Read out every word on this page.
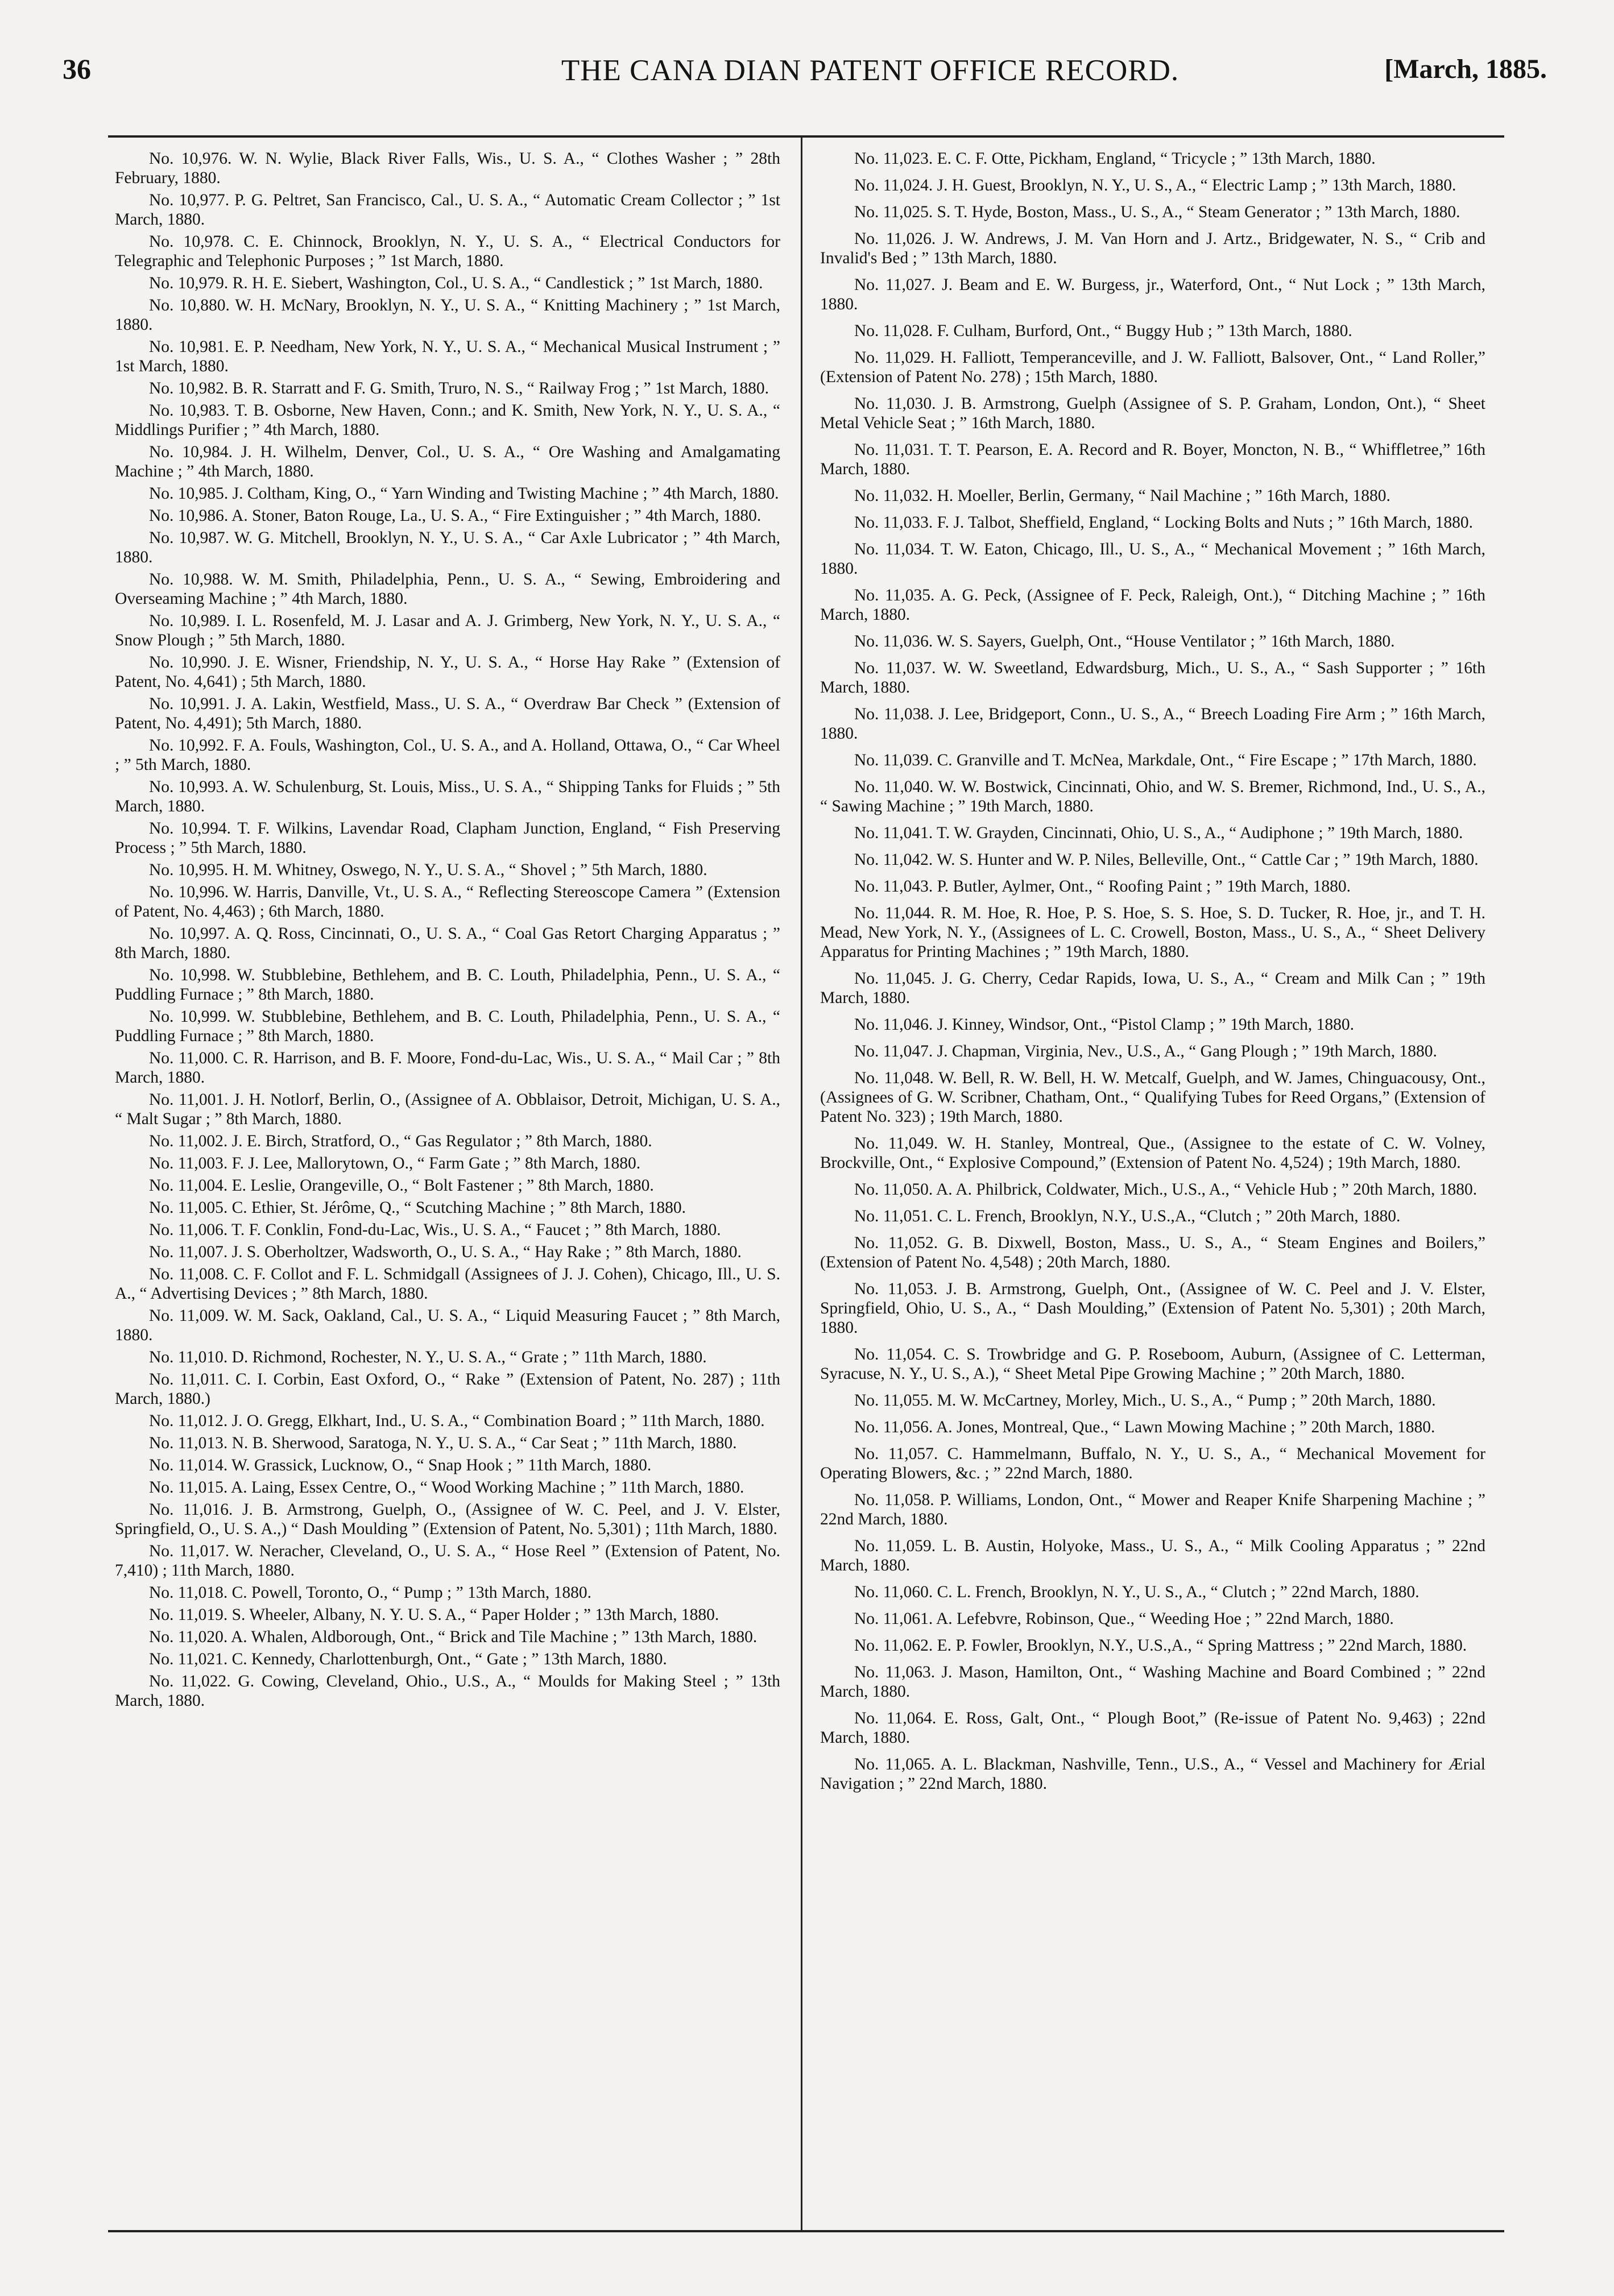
36	THE CANA DIAN PATENT OFFICE RECORD.	[March, 1885.

No. 10,976. W. N. Wylie, Black River Falls, Wis., U. S. A., “ Clothes Washer ; ” 28th February, 1880.

No. 10,977. P. G. Peltret, San Francisco, Cal., U. S. A., “ Automatic Cream Collector ; ” 1st March, 1880.

No. 10,978. C. E. Chinnock, Brooklyn, N. Y., U. S. A., “ Electrical Conductors for Telegraphic and Telephonic Purposes ; ” 1st March, 1880.

No. 10,979. R. H. E. Siebert, Washington, Col., U. S. A., “ Candlestick ; ” 1st March, 1880.

No. 10,880. W. H. McNary, Brooklyn, N. Y., U. S. A., “ Knitting Machinery ; ” 1st March, 1880.

No. 10,981. E. P. Needham, New York, N. Y., U. S. A., “ Mechanical Musical Instrument ; ” 1st March, 1880.

No. 10,982. B. R. Starratt and F. G. Smith, Truro, N. S., “ Railway Frog ; ” 1st March, 1880.

No. 10,983. T. B. Osborne, New Haven, Conn.; and K. Smith, New York, N. Y., U. S. A., “ Middlings Purifier ; ” 4th March, 1880.

No. 10,984. J. H. Wilhelm, Denver, Col., U. S. A., “ Ore Washing and Amalgamating Machine ; ” 4th March, 1880.

No. 10,985. J. Coltham, King, O., “ Yarn Winding and Twisting Machine ; ” 4th March, 1880.

No. 10,986. A. Stoner, Baton Rouge, La., U. S. A., “ Fire Extinguisher ; ” 4th March, 1880.

No. 10,987. W. G. Mitchell, Brooklyn, N. Y., U. S. A., “ Car Axle Lubricator ; ” 4th March, 1880.

No. 10,988. W. M. Smith, Philadelphia, Penn., U. S. A., “ Sewing, Embroidering and Overseaming Machine ; ” 4th March, 1880.

No. 10,989. I. L. Rosenfeld, M. J. Lasar and A. J. Grimberg, New York, N. Y., U. S. A., “ Snow Plough ; ” 5th March, 1880.

No. 10,990. J. E. Wisner, Friendship, N. Y., U. S. A., “ Horse Hay Rake ” (Extension of Patent, No. 4,641) ; 5th March, 1880.

No. 10,991. J. A. Lakin, Westfield, Mass., U. S. A., “ Overdraw Bar Check ” (Extension of Patent, No. 4,491); 5th March, 1880.

No. 10,992. F. A. Fouls, Washington, Col., U. S. A., and A. Holland, Ottawa, O., “ Car Wheel ; ” 5th March, 1880.

No. 10,993. A. W. Schulenburg, St. Louis, Miss., U. S. A., “ Shipping Tanks for Fluids ; ” 5th March, 1880.

No. 10,994. T. F. Wilkins, Lavendar Road, Clapham Junction, England, “ Fish Preserving Process ; ” 5th March, 1880.

No. 10,995. H. M. Whitney, Oswego, N. Y., U. S. A., “ Shovel ; ” 5th March, 1880.

No. 10,996. W. Harris, Danville, Vt., U. S. A., “ Reflecting Stereoscope Camera ” (Extension of Patent, No. 4,463) ; 6th March, 1880.

No. 10,997. A. Q. Ross, Cincinnati, O., U. S. A., “ Coal Gas Retort Charging Apparatus ; ” 8th March, 1880.

No. 10,998. W. Stubblebine, Bethlehem, and B. C. Louth, Philadelphia, Penn., U. S. A., “ Puddling Furnace ; ” 8th March, 1880.

No. 10,999. W. Stubblebine, Bethlehem, and B. C. Louth, Philadelphia, Penn., U. S. A., “ Puddling Furnace ; ” 8th March, 1880.

No. 11,000. C. R. Harrison, and B. F. Moore, Fond-du-Lac, Wis., U. S. A., “ Mail Car ; ” 8th March, 1880.

No. 11,001. J. H. Notlorf, Berlin, O., (Assignee of A. Obblaisor, Detroit, Michigan, U. S. A., “ Malt Sugar ; ” 8th March, 1880.

No. 11,002. J. E. Birch, Stratford, O., “ Gas Regulator ; ” 8th March, 1880.

No. 11,003. F. J. Lee, Mallorytown, O., “ Farm Gate ; ” 8th March, 1880.

No. 11,004. E. Leslie, Orangeville, O., “ Bolt Fastener ; ” 8th March, 1880.

No. 11,005. C. Ethier, St. Jérôme, Q., “ Scutching Machine ; ” 8th March, 1880.

No. 11,006. T. F. Conklin, Fond-du-Lac, Wis., U. S. A., “ Faucet ; ” 8th March, 1880.

No. 11,007. J. S. Oberholtzer, Wadsworth, O., U. S. A., “ Hay Rake ; ” 8th March, 1880.

No. 11,008. C. F. Collot and F. L. Schmidgall (Assignees of J. J. Cohen), Chicago, Ill., U. S. A., “ Advertising Devices ; ” 8th March, 1880.

No. 11,009. W. M. Sack, Oakland, Cal., U. S. A., “ Liquid Measuring Faucet ; ” 8th March, 1880.

No. 11,010. D. Richmond, Rochester, N. Y., U. S. A., “ Grate ; ” 11th March, 1880.

No. 11,011. C. I. Corbin, East Oxford, O., “ Rake ” (Extension of Patent, No. 287) ; 11th March, 1880.)

No. 11,012. J. O. Gregg, Elkhart, Ind., U. S. A., “ Combination Board ; ” 11th March, 1880.

No. 11,013. N. B. Sherwood, Saratoga, N. Y., U. S. A., “ Car Seat ; ” 11th March, 1880.

No. 11,014. W. Grassick, Lucknow, O., “ Snap Hook ; ” 11th March, 1880.

No. 11,015. A. Laing, Essex Centre, O., “ Wood Working Machine ; ” 11th March, 1880.

No. 11,016. J. B. Armstrong, Guelph, O., (Assignee of W. C. Peel, and J. V. Elster, Springfield, O., U. S. A.,) “ Dash Moulding ” (Extension of Patent, No. 5,301) ; 11th March, 1880.

No. 11,017. W. Neracher, Cleveland, O., U. S. A., “ Hose Reel ” (Extension of Patent, No. 7,410) ; 11th March, 1880.

No. 11,018. C. Powell, Toronto, O., “ Pump ; ” 13th March, 1880.

No. 11,019. S. Wheeler, Albany, N. Y. U. S. A., “ Paper Holder ; ” 13th March, 1880.

No. 11,020. A. Whalen, Aldborough, Ont., “ Brick and Tile Machine ; ” 13th March, 1880.

No. 11,021. C. Kennedy, Charlottenburgh, Ont., “ Gate ; ” 13th March, 1880.

No. 11,022. G. Cowing, Cleveland, Ohio., U.S., A., “ Moulds for Making Steel ; ” 13th March, 1880.

No. 11,023. E. C. F. Otte, Pickham, England, “ Tricycle ; ” 13th March, 1880.

No. 11,024. J. H. Guest, Brooklyn, N. Y., U. S., A., “ Electric Lamp ; ” 13th March, 1880.

No. 11,025. S. T. Hyde, Boston, Mass., U. S., A., “ Steam Generator ; ” 13th March, 1880.

No. 11,026. J. W. Andrews, J. M. Van Horn and J. Artz., Bridgewater, N. S., “ Crib and Invalid's Bed ; ” 13th March, 1880.

No. 11,027. J. Beam and E. W. Burgess, jr., Waterford, Ont., “ Nut Lock ; ” 13th March, 1880.

No. 11,028. F. Culham, Burford, Ont., “ Buggy Hub ; ” 13th March, 1880.

No. 11,029. H. Falliott, Temperanceville, and J. W. Falliott, Balsover, Ont., “ Land Roller,” (Extension of Patent No. 278) ; 15th March, 1880.

No. 11,030. J. B. Armstrong, Guelph (Assignee of S. P. Graham, London, Ont.), “ Sheet Metal Vehicle Seat ; ” 16th March, 1880.

No. 11,031. T. T. Pearson, E. A. Record and R. Boyer, Moncton, N. B., “ Whiffletree,” 16th March, 1880.

No. 11,032. H. Moeller, Berlin, Germany, “ Nail Machine ; ” 16th March, 1880.

No. 11,033. F. J. Talbot, Sheffield, England, “ Locking Bolts and Nuts ; ” 16th March, 1880.

No. 11,034. T. W. Eaton, Chicago, Ill., U. S., A., “ Mechanical Movement ; ” 16th March, 1880.

No. 11,035. A. G. Peck, (Assignee of F. Peck, Raleigh, Ont.), “ Ditching Machine ; ” 16th March, 1880.

No. 11,036. W. S. Sayers, Guelph, Ont., “House Ventilator ; ” 16th March, 1880.

No. 11,037. W. W. Sweetland, Edwardsburg, Mich., U. S., A., “ Sash Supporter ; ” 16th March, 1880.

No. 11,038. J. Lee, Bridgeport, Conn., U. S., A., “ Breech Loading Fire Arm ; ” 16th March, 1880.

No. 11,039. C. Granville and T. McNea, Markdale, Ont., “ Fire Escape ; ” 17th March, 1880.

No. 11,040. W. W. Bostwick, Cincinnati, Ohio, and W. S. Bremer, Richmond, Ind., U. S., A., “ Sawing Machine ; ” 19th March, 1880.

No. 11,041. T. W. Grayden, Cincinnati, Ohio, U. S., A., “ Audiphone ; ” 19th March, 1880.

No. 11,042. W. S. Hunter and W. P. Niles, Belleville, Ont., “ Cattle Car ; ” 19th March, 1880.

No. 11,043. P. Butler, Aylmer, Ont., “ Roofing Paint ; ” 19th March, 1880.

No. 11,044. R. M. Hoe, R. Hoe, P. S. Hoe, S. S. Hoe, S. D. Tucker, R. Hoe, jr., and T. H. Mead, New York, N. Y., (Assignees of L. C. Crowell, Boston, Mass., U. S., A., “ Sheet Delivery Apparatus for Printing Machines ; ” 19th March, 1880.

No. 11,045. J. G. Cherry, Cedar Rapids, Iowa, U. S., A., “ Cream and Milk Can ; ” 19th March, 1880.

No. 11,046. J. Kinney, Windsor, Ont., “Pistol Clamp ; ” 19th March, 1880.

No. 11,047. J. Chapman, Virginia, Nev., U.S., A., “ Gang Plough ; ” 19th March, 1880.

No. 11,048. W. Bell, R. W. Bell, H. W. Metcalf, Guelph, and W. James, Chinguacousy, Ont., (Assignees of G. W. Scribner, Chatham, Ont., “ Qualifying Tubes for Reed Organs,” (Extension of Patent No. 323) ; 19th March, 1880.

No. 11,049. W. H. Stanley, Montreal, Que., (Assignee to the estate of C. W. Volney, Brockville, Ont., “ Explosive Compound,” (Extension of Patent No. 4,524) ; 19th March, 1880.

No. 11,050. A. A. Philbrick, Coldwater, Mich., U.S., A., “ Vehicle Hub ; ” 20th March, 1880.

No. 11,051. C. L. French, Brooklyn, N.Y., U.S.,A., “Clutch ; ” 20th March, 1880.

No. 11,052. G. B. Dixwell, Boston, Mass., U. S., A., “ Steam Engines and Boilers,” (Extension of Patent No. 4,548) ; 20th March, 1880.

No. 11,053. J. B. Armstrong, Guelph, Ont., (Assignee of W. C. Peel and J. V. Elster, Springfield, Ohio, U. S., A., “ Dash Moulding,” (Extension of Patent No. 5,301) ; 20th March, 1880.

No. 11,054. C. S. Trowbridge and G. P. Roseboom, Auburn, (Assignee of C. Letterman, Syracuse, N. Y., U. S., A.), “ Sheet Metal Pipe Growing Machine ; ” 20th March, 1880.

No. 11,055. M. W. McCartney, Morley, Mich., U. S., A., “ Pump ; ” 20th March, 1880.

No. 11,056. A. Jones, Montreal, Que., “ Lawn Mowing Machine ; ” 20th March, 1880.

No. 11,057. C. Hammelmann, Buffalo, N. Y., U. S., A., “ Mechanical Movement for Operating Blowers, &c. ; ” 22nd March, 1880.

No. 11,058. P. Williams, London, Ont., “ Mower and Reaper Knife Sharpening Machine ; ” 22nd March, 1880.

No. 11,059. L. B. Austin, Holyoke, Mass., U. S., A., “ Milk Cooling Apparatus ; ” 22nd March, 1880.

No. 11,060. C. L. French, Brooklyn, N. Y., U. S., A., “ Clutch ; ” 22nd March, 1880.

No. 11,061. A. Lefebvre, Robinson, Que., “ Weeding Hoe ; ” 22nd March, 1880.

No. 11,062. E. P. Fowler, Brooklyn, N.Y., U.S.,A., “ Spring Mattress ; ” 22nd March, 1880.

No. 11,063. J. Mason, Hamilton, Ont., “ Washing Machine and Board Combined ; ” 22nd March, 1880.

No. 11,064. E. Ross, Galt, Ont., “ Plough Boot,” (Re-issue of Patent No. 9,463) ; 22nd March, 1880.

No. 11,065. A. L. Blackman, Nashville, Tenn., U.S., A., “ Vessel and Machinery for Ærial Navigation ; ” 22nd March, 1880.
